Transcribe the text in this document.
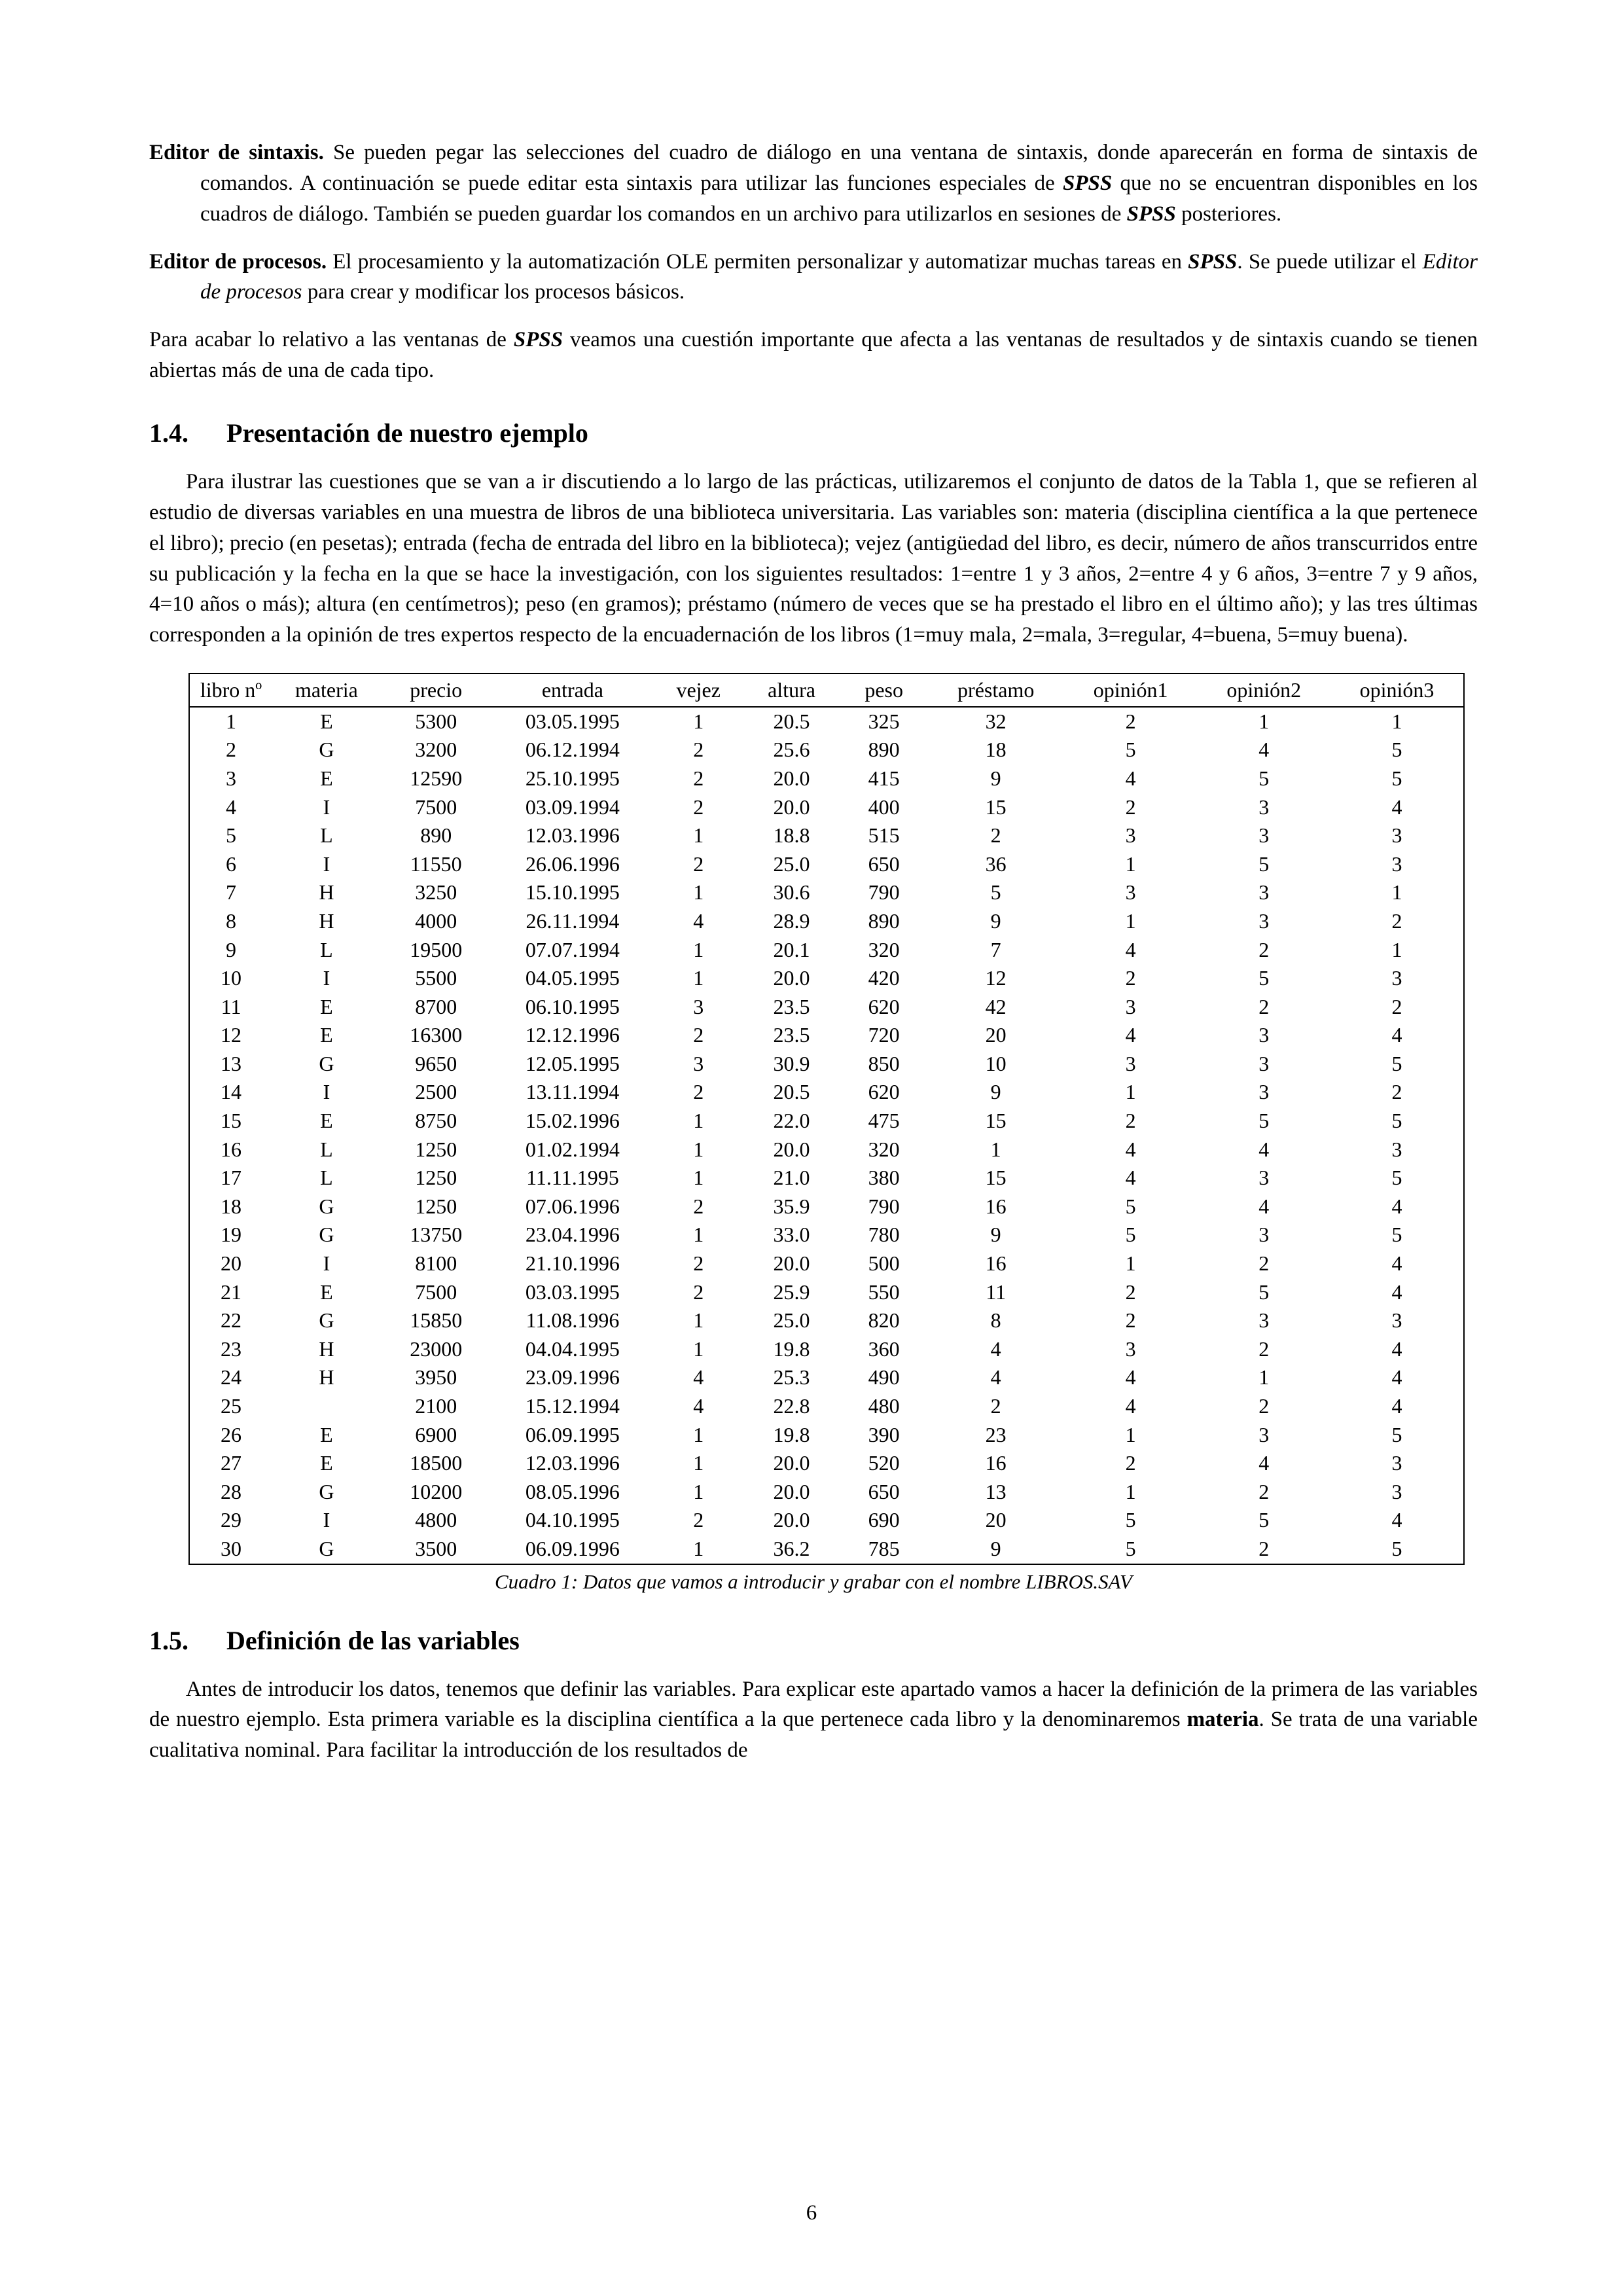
Editor de sintaxis. Se pueden pegar las selecciones del cuadro de diálogo en una ventana de sintaxis, donde aparecerán en forma de sintaxis de comandos. A continuación se puede editar esta sintaxis para utilizar las funciones especiales de SPSS que no se encuentran disponibles en los cuadros de diálogo. También se pueden guardar los comandos en un archivo para utilizarlos en sesiones de SPSS posteriores.

Editor de procesos. El procesamiento y la automatización OLE permiten personalizar y automatizar muchas tareas en SPSS. Se puede utilizar el Editor de procesos para crear y modificar los procesos básicos.

Para acabar lo relativo a las ventanas de SPSS veamos una cuestión importante que afecta a las ventanas de resultados y de sintaxis cuando se tienen abiertas más de una de cada tipo.

1.4.	Presentación de nuestro ejemplo

Para ilustrar las cuestiones que se van a ir discutiendo a lo largo de las prácticas, utilizaremos el conjunto de datos de la Tabla 1, que se refieren al estudio de diversas variables en una muestra de libros de una biblioteca universitaria. Las variables son: materia (disciplina científica a la que pertenece el libro); precio (en pesetas); entrada (fecha de entrada del libro en la biblioteca); vejez (antigüedad del libro, es decir, número de años transcurridos entre su publicación y la fecha en la que se hace la investigación, con los siguientes resultados: 1=entre 1 y 3 años, 2=entre 4 y 6 años, 3=entre 7 y 9 años, 4=10 años o más); altura (en centímetros); peso (en gramos); préstamo (número de veces que se ha prestado el libro en el último año); y las tres últimas corresponden a la opinión de tres expertos respecto de la encuadernación de los libros (1=muy mala, 2=mala, 3=regular, 4=buena, 5=muy buena).

libro nº	materia	precio	entrada	vejez	altura	peso	préstamo	opinión1	opinión2	opinión3
1	E	5300	03.05.1995	1	20.5	325	32	2	1	1
2	G	3200	06.12.1994	2	25.6	890	18	5	4	5
3	E	12590	25.10.1995	2	20.0	415	9	4	5	5
4	I	7500	03.09.1994	2	20.0	400	15	2	3	4
5	L	890	12.03.1996	1	18.8	515	2	3	3	3
6	I	11550	26.06.1996	2	25.0	650	36	1	5	3
7	H	3250	15.10.1995	1	30.6	790	5	3	3	1
8	H	4000	26.11.1994	4	28.9	890	9	1	3	2
9	L	19500	07.07.1994	1	20.1	320	7	4	2	1
10	I	5500	04.05.1995	1	20.0	420	12	2	5	3
11	E	8700	06.10.1995	3	23.5	620	42	3	2	2
12	E	16300	12.12.1996	2	23.5	720	20	4	3	4
13	G	9650	12.05.1995	3	30.9	850	10	3	3	5
14	I	2500	13.11.1994	2	20.5	620	9	1	3	2
15	E	8750	15.02.1996	1	22.0	475	15	2	5	5
16	L	1250	01.02.1994	1	20.0	320	1	4	4	3
17	L	1250	11.11.1995	1	21.0	380	15	4	3	5
18	G	1250	07.06.1996	2	35.9	790	16	5	4	4
19	G	13750	23.04.1996	1	33.0	780	9	5	3	5
20	I	8100	21.10.1996	2	20.0	500	16	1	2	4
21	E	7500	03.03.1995	2	25.9	550	11	2	5	4
22	G	15850	11.08.1996	1	25.0	820	8	2	3	3
23	H	23000	04.04.1995	1	19.8	360	4	3	2	4
24	H	3950	23.09.1996	4	25.3	490	4	4	1	4
25		2100	15.12.1994	4	22.8	480	2	4	2	4
26	E	6900	06.09.1995	1	19.8	390	23	1	3	5
27	E	18500	12.03.1996	1	20.0	520	16	2	4	3
28	G	10200	08.05.1996	1	20.0	650	13	1	2	3
29	I	4800	04.10.1995	2	20.0	690	20	5	5	4
30	G	3500	06.09.1996	1	36.2	785	9	5	2	5
Cuadro 1: Datos que vamos a introducir y grabar con el nombre LIBROS.SAV
1.5.	Definición de las variables

Antes de introducir los datos, tenemos que definir las variables. Para explicar este apartado vamos a hacer la definición de la primera de las variables de nuestro ejemplo. Esta primera variable es la disciplina científica a la que pertenece cada libro y la denominaremos materia. Se trata de una variable cualitativa nominal. Para facilitar la introducción de los resultados de

6
